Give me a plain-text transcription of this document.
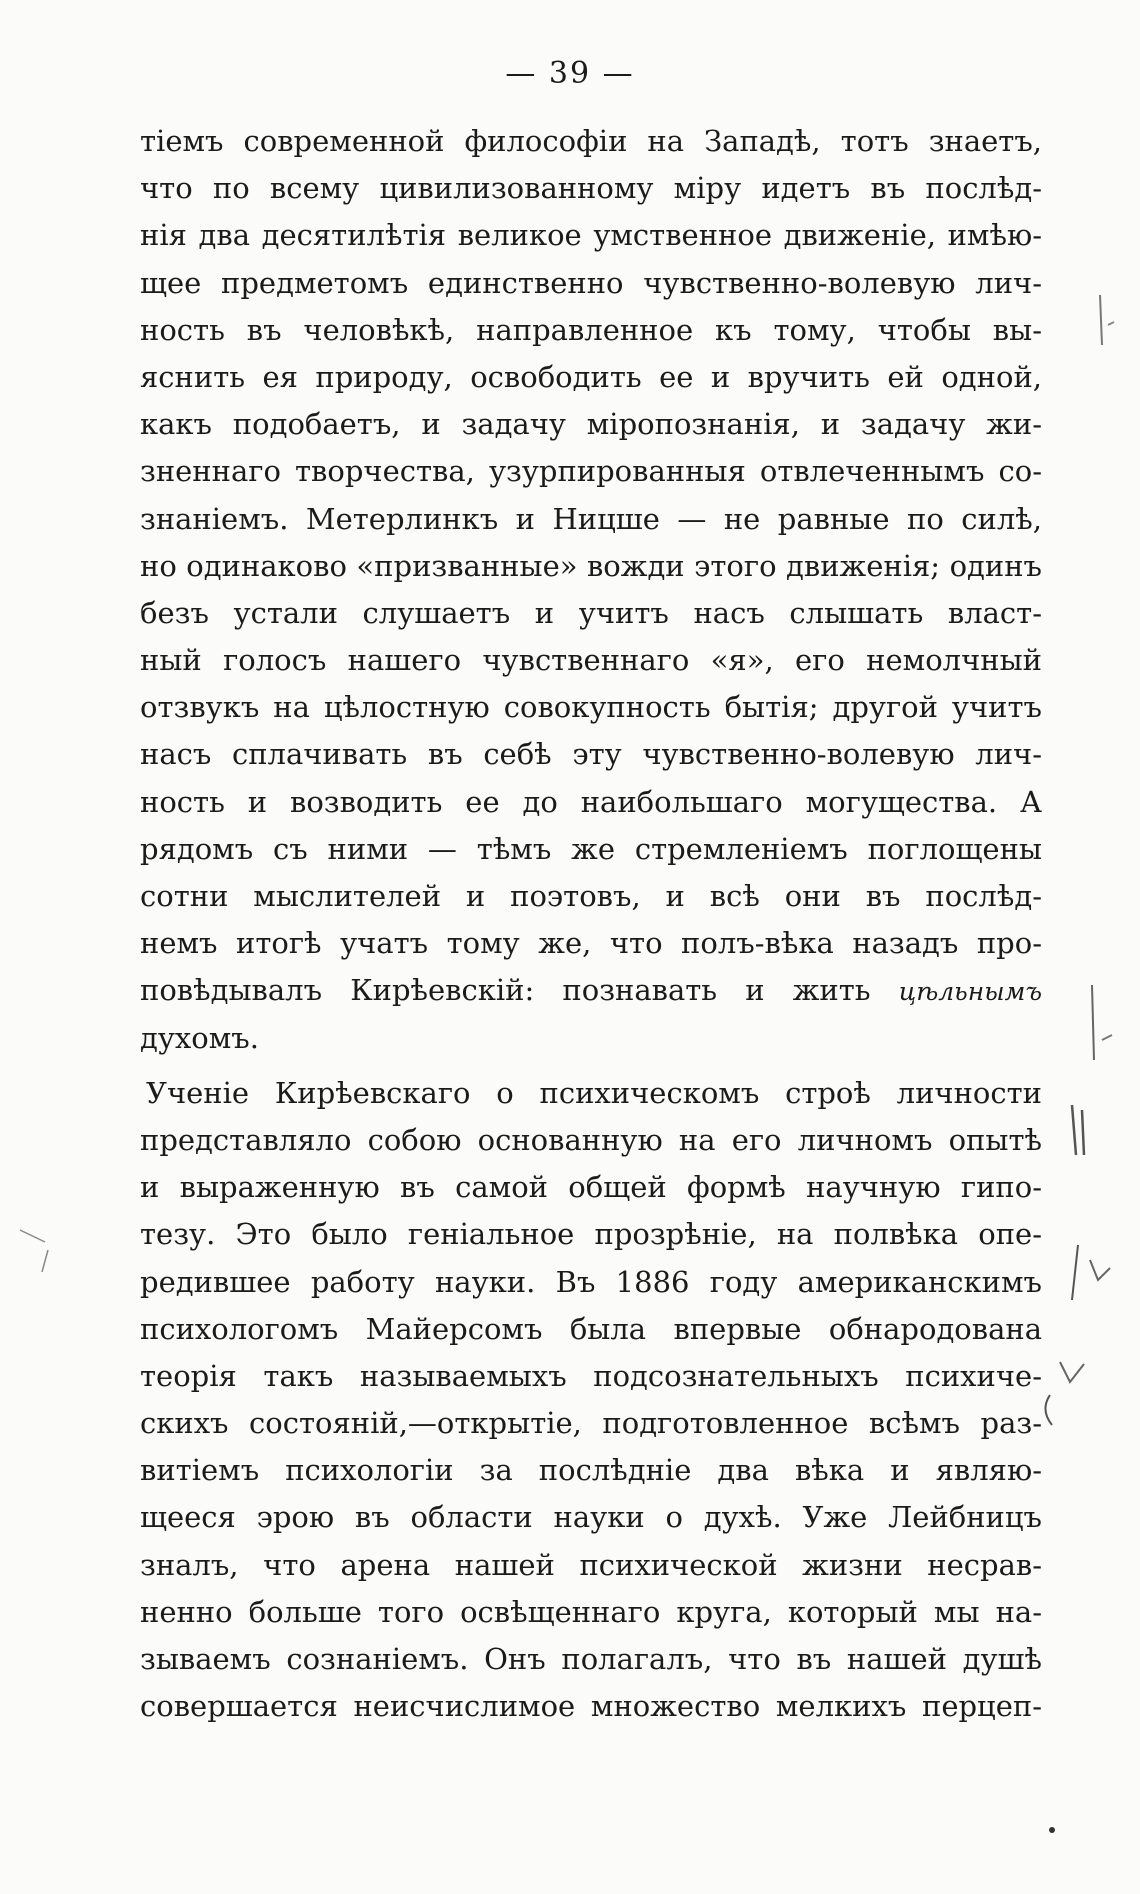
— 39 —
тіемъ современной философіи на Западѣ, тотъ знаетъ,
что по всему цивилизованному міру идетъ въ послѣд-
нія два десятилѣтія великое умственное движеніе, имѣю-
щее предметомъ единственно чувственно-волевую лич-
ность въ человѣкѣ, направленное къ тому, чтобы вы-
яснить ея природу, освободить ее и вручить ей одной,
какъ подобаетъ, и задачу міропознанія, и задачу жи-
зненнаго творчества, узурпированныя отвлеченнымъ со-
знаніемъ. Метерлинкъ и Ницше — не равные по силѣ,
но одинаково «призванные» вожди этого движенія; одинъ
безъ устали слушаетъ и учитъ насъ слышать власт-
ный голосъ нашего чувственнаго «я», его немолчный
отзвукъ на цѣлостную совокупность бытія; другой учитъ
насъ сплачивать въ себѣ эту чувственно-волевую лич-
ность и возводить ее до наибольшаго могущества. А
рядомъ съ ними — тѣмъ же стремленіемъ поглощены
сотни мыслителей и поэтовъ, и всѣ они въ послѣд-
немъ итогѣ учатъ тому же, что полъ-вѣка назадъ про-
повѣдывалъ Кирѣевскій: познавать и жить цѣльнымъ
духомъ.
Ученіе Кирѣевскаго о психическомъ строѣ личности
представляло собою основанную на его личномъ опытѣ
и выраженную въ самой общей формѣ научную гипо-
тезу. Это было геніальное прозрѣніе, на полвѣка опе-
редившее работу науки. Въ 1886 году американскимъ
психологомъ Майерсомъ была впервые обнародована
теорія такъ называемыхъ подсознательныхъ психиче-
скихъ состояній,—открытіе, подготовленное всѣмъ раз-
витіемъ психологіи за послѣдніе два вѣка и являю-
щееся эрою въ области науки о духѣ. Уже Лейбницъ
зналъ, что арена нашей психической жизни несрав-
ненно больше того освѣщеннаго круга, который мы на-
зываемъ сознаніемъ. Онъ полагалъ, что въ нашей душѣ
совершается неисчислимое множество мелкихъ перцеп-
